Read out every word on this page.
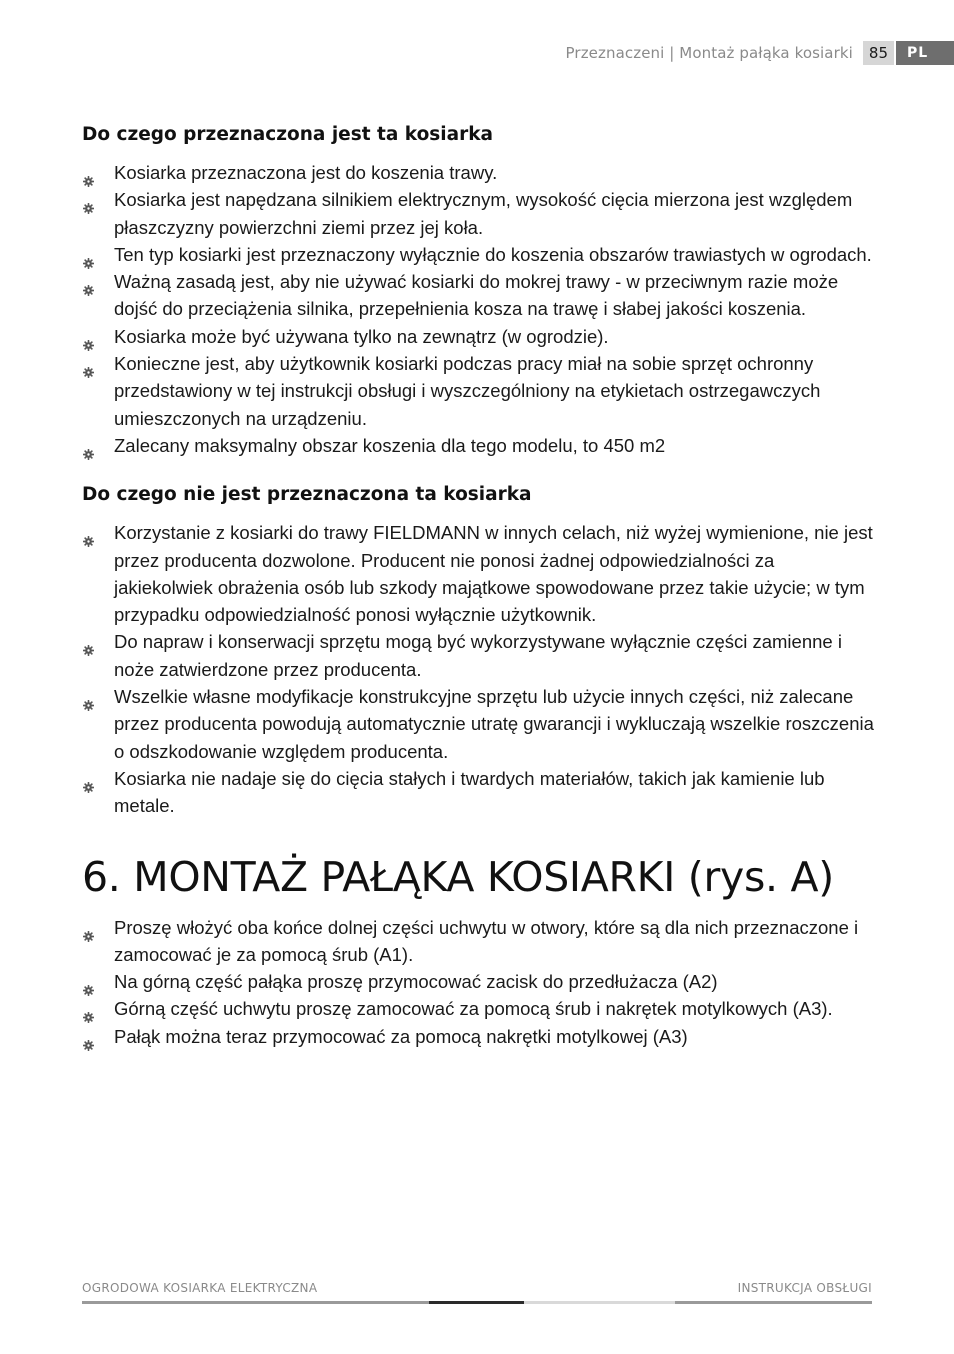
Przeznaczeni | Montaż pałąka kosiarki	85	PL
Do czego przeznaczona jest ta kosiarka
Kosiarka przeznaczona jest do koszenia trawy.
Kosiarka jest napędzana silnikiem elektrycznym, wysokość cięcia mierzona jest względem płaszczyzny powierzchni ziemi przez jej koła.
Ten typ kosiarki jest przeznaczony wyłącznie do koszenia obszarów trawiastych w ogrodach.
Ważną zasadą jest, aby nie używać kosiarki do mokrej trawy - w przeciwnym razie może dojść do przeciążenia silnika, przepełnienia kosza na trawę i słabej jakości koszenia.
Kosiarka może być używana tylko na zewnątrz (w ogrodzie).
Konieczne jest, aby użytkownik kosiarki podczas pracy miał na sobie sprzęt ochronny przedstawiony w tej instrukcji obsługi i wyszczególniony na etykietach ostrzegawczych umieszczonych na urządzeniu.
Zalecany maksymalny obszar koszenia dla tego modelu, to 450 m2
Do czego nie jest przeznaczona ta kosiarka
Korzystanie z kosiarki do trawy FIELDMANN w innych celach, niż wyżej wymienione, nie jest przez producenta dozwolone. Producent nie ponosi żadnej odpowiedzialności za jakiekolwiek obrażenia osób lub szkody majątkowe spowodowane przez takie użycie; w tym przypadku odpowiedzialność ponosi wyłącznie użytkownik.
Do napraw i konserwacji sprzętu mogą być wykorzystywane wyłącznie części zamienne i noże zatwierdzone przez producenta.
Wszelkie własne modyfikacje konstrukcyjne sprzętu lub użycie innych części, niż zalecane przez producenta powodują automatycznie utratę gwarancji i wykluczają wszelkie roszczenia o odszkodowanie względem producenta.
Kosiarka nie nadaje się do cięcia stałych i twardych materiałów, takich jak kamienie lub metale.
6. MONTAŻ PAŁĄKA KOSIARKI (rys. A)
Proszę włożyć oba końce dolnej części uchwytu w otwory, które są dla nich przeznaczone i zamocować je za pomocą śrub (A1).
Na górną część pałąka proszę przymocować zacisk do przedłużacza (A2)
Górną część uchwytu proszę zamocować za pomocą śrub i nakrętek motylkowych (A3).
Pałąk można teraz przymocować za pomocą nakrętki motylkowej (A3)
OGRODOWA KOSIARKA ELEKTRYCZNA	INSTRUKCJA OBSŁUGI
